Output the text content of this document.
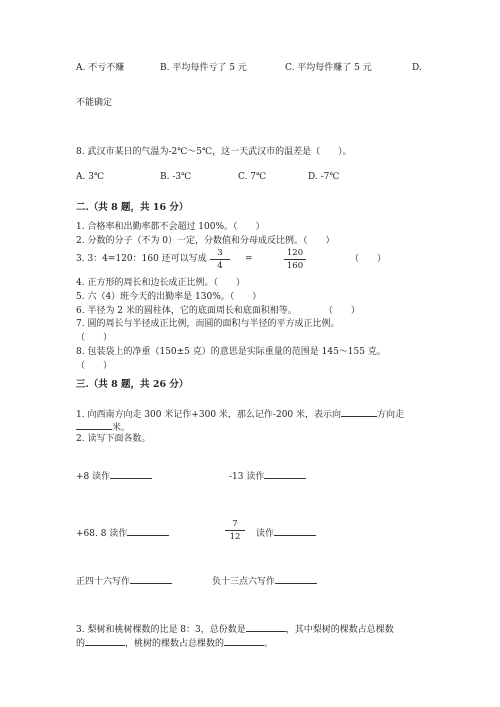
A. 不亏不赚	B. 平均每件亏了 5 元	C. 平均每件赚了 5 元	D.
不能确定
8. 武汉市某日的气温为-2℃～5℃，这一天武汉市的温差是（　　）。
A. 3℃	B. -3℃	C. 7℃	D. -7℃
二.（共 8 题，共 16 分）
1. 合格率和出勤率都不会超过 100%。（　　）
2. 分数的分子（不为 0）一定，分数值和分母成反比例。（　　）
3. 3：4=120：160 还可以写成
3
4
=
120
160
（　　）
4. 正方形的周长和边长成正比例。（　　）
5. 六（4）班今天的出勤率是 130%。（　　）
6. 半径为 2 米的圆柱体，它的底面周长和底面积相等。　　　　（　　）
7. 圆的周长与半径成正比例，而圆的面积与半径的平方成正比例。
（　　）
8. 包装袋上的净重（150±5 克）的意思是实际重量的范围是 145～155 克。
（　　）
三.（共 8 题，共 26 分）
1. 向西南方向走 300 米记作+300 米，那么记作-200 米，表示向	方向走
米。
2. 读写下面各数。
+8 读作	-13 读作
+68. 8 读作
7
12	读作
正四十六写作	负十三点六写作
3. 梨树和桃树棵数的比是 8：3，总份数是	，其中梨树的棵数占总棵数
的	，桃树的棵数占总棵数的	。
